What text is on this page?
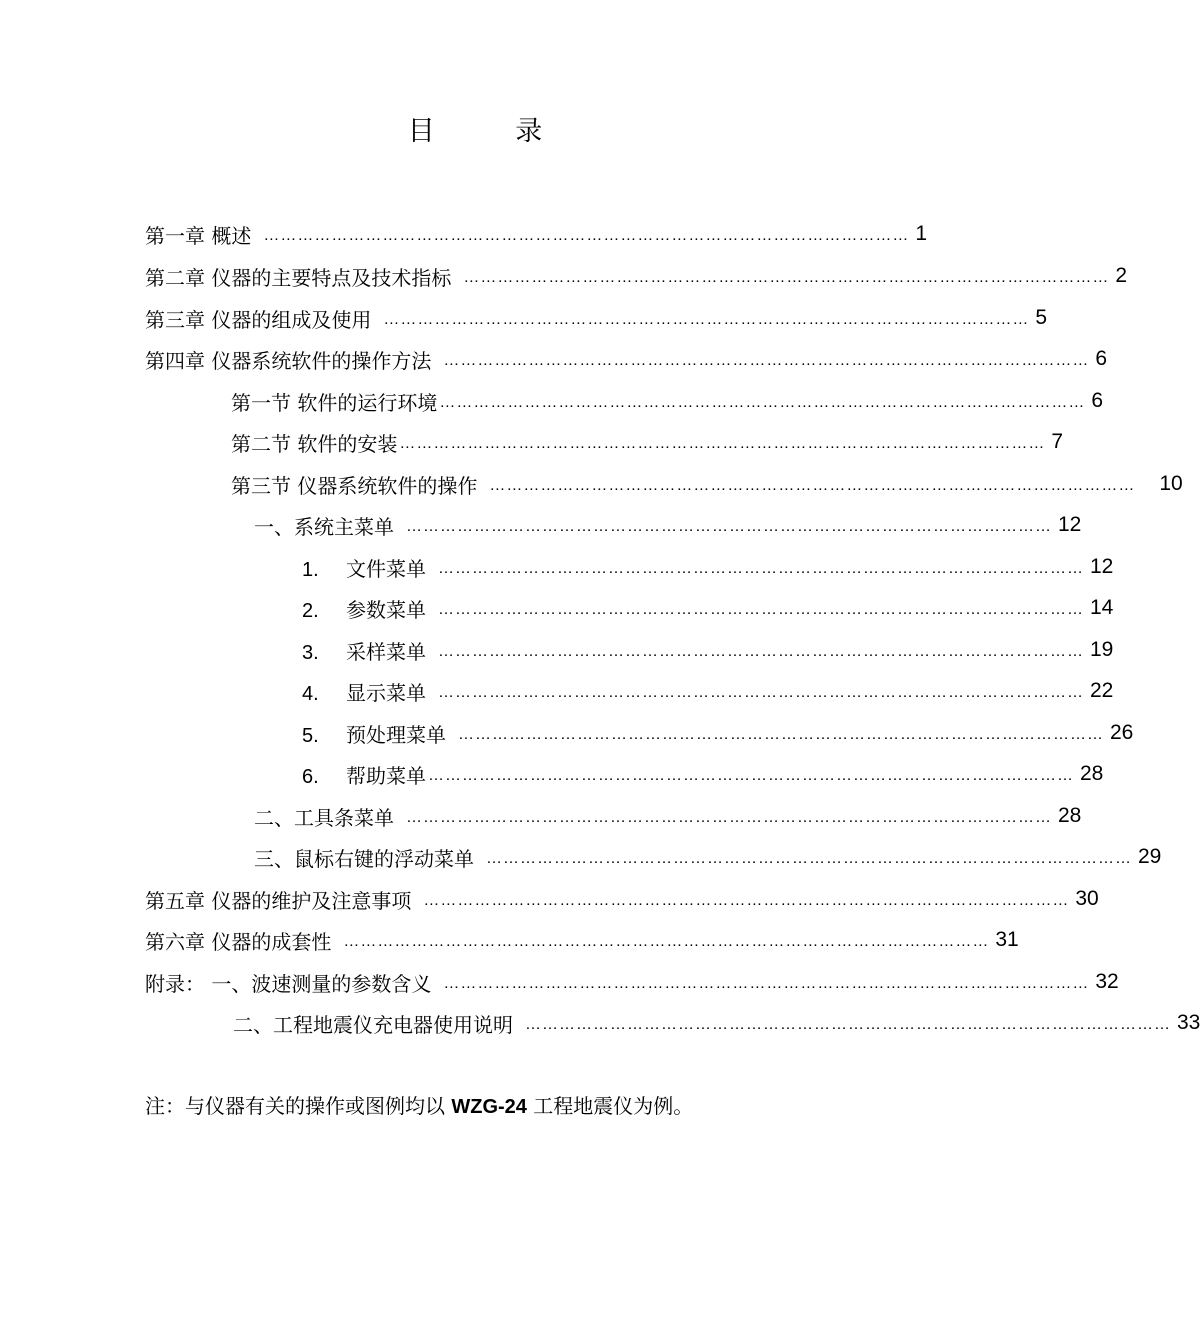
目 录
第一章 概述 …………………………………………………………………………………………………… 1
第二章 仪器的主要特点及技术指标 …………………………………………………………………………………………………… 2
第三章 仪器的组成及使用 …………………………………………………………………………………………………… 5
第四章 仪器系统软件的操作方法 …………………………………………………………………………………………………… 6
第一节 软件的运行环境 …………………………………………………………………………………………………… 6
第二节 软件的安装 …………………………………………………………………………………………………… 7
第三节 仪器系统软件的操作 …………………………………………………………………………………………………… 10
一、系统主菜单 …………………………………………………………………………………………………… 12
1. 文件菜单 …………………………………………………………………………………………………… 12
2. 参数菜单 …………………………………………………………………………………………………… 14
3. 采样菜单 …………………………………………………………………………………………………… 19
4. 显示菜单 …………………………………………………………………………………………………… 22
5. 预处理菜单 …………………………………………………………………………………………………… 26
6. 帮助菜单 …………………………………………………………………………………………………… 28
二、工具条菜单 …………………………………………………………………………………………………… 28
三、鼠标右键的浮动菜单 …………………………………………………………………………………………………… 29
第五章 仪器的维护及注意事项 …………………………………………………………………………………………………… 30
第六章 仪器的成套性 …………………………………………………………………………………………………… 31
附录： 一、波速测量的参数含义 …………………………………………………………………………………………………… 32
二、工程地震仪充电器使用说明 …………………………………………………………………………………………………… 33
注：与仪器有关的操作或图例均以 WZG-24 工程地震仪为例。
